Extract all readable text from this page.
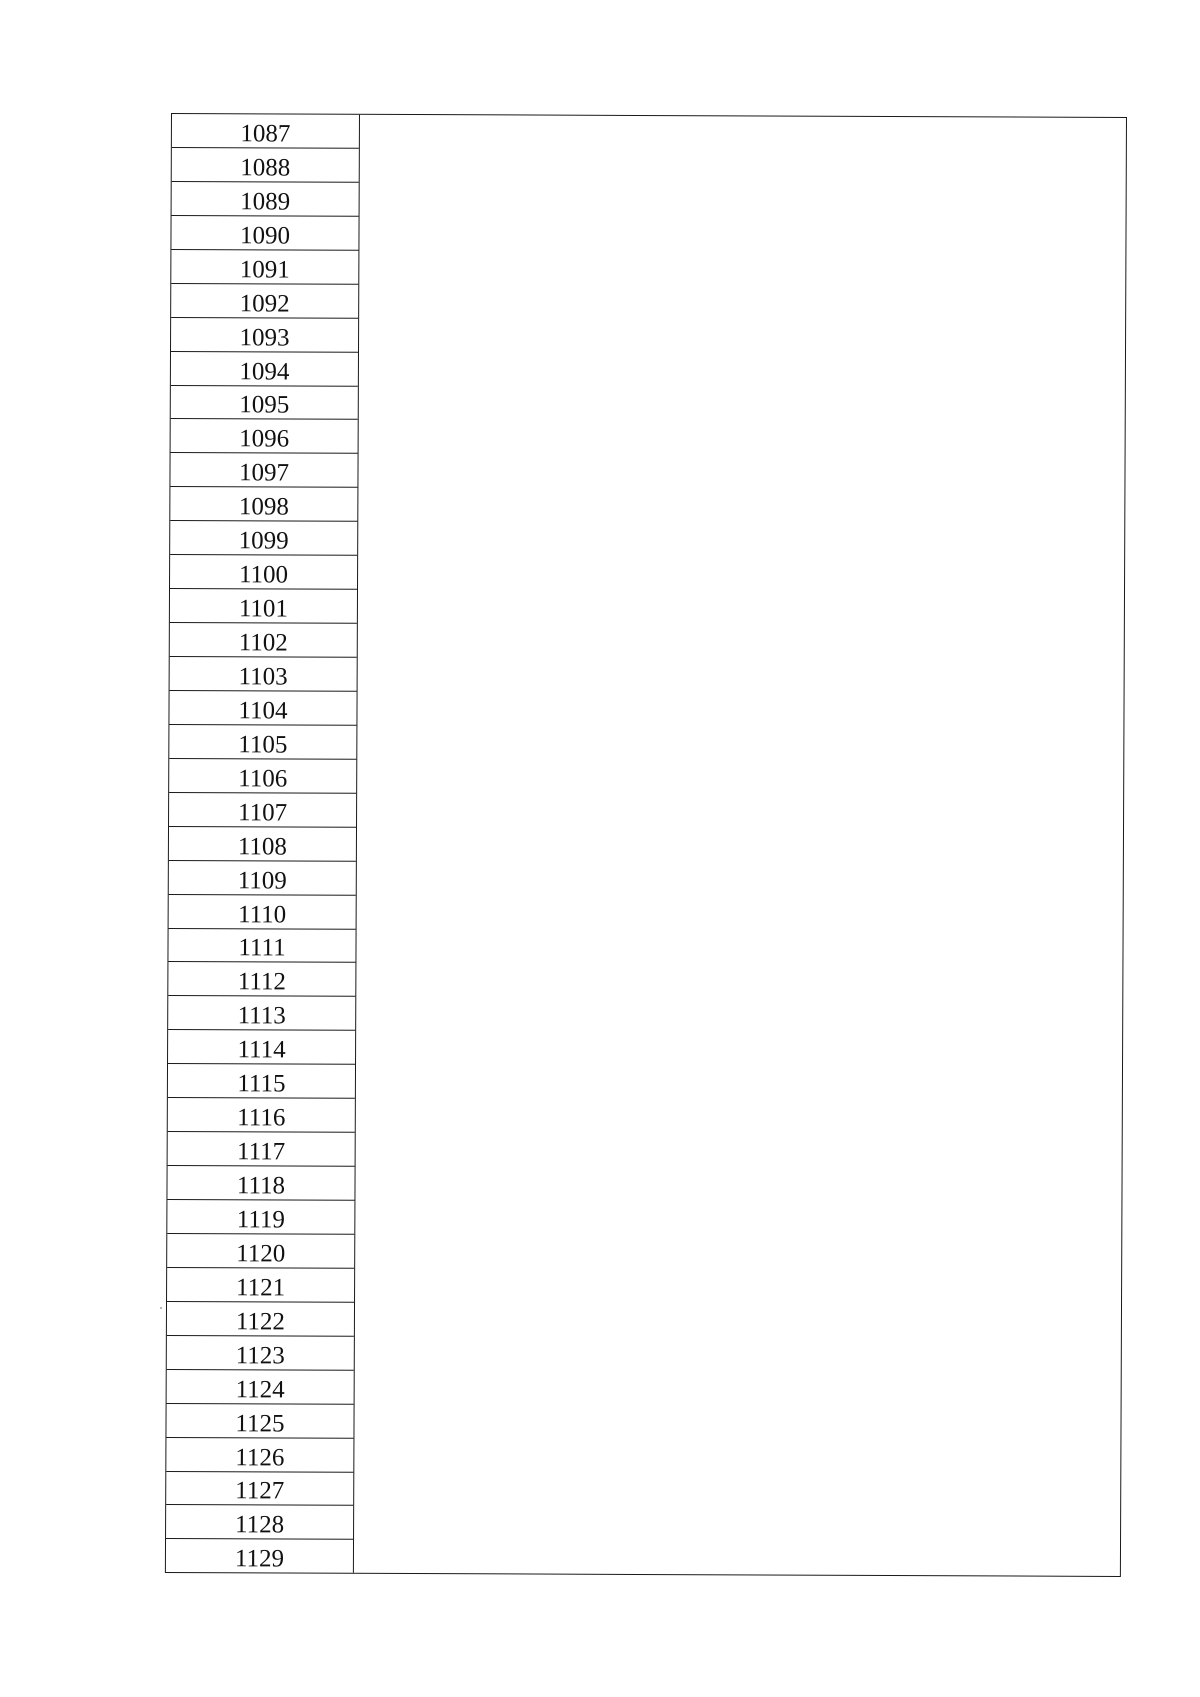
1087
1088
1089
1090
1091
1092
1093
1094
1095
1096
1097
1098
1099
1100
1101
1102
1103
1104
1105
1106
1107
1108
1109
1110
1111
1112
1113
1114
1115
1116
1117
1118
1119
1120
1121
1122
1123
1124
1125
1126
1127
1128
1129
